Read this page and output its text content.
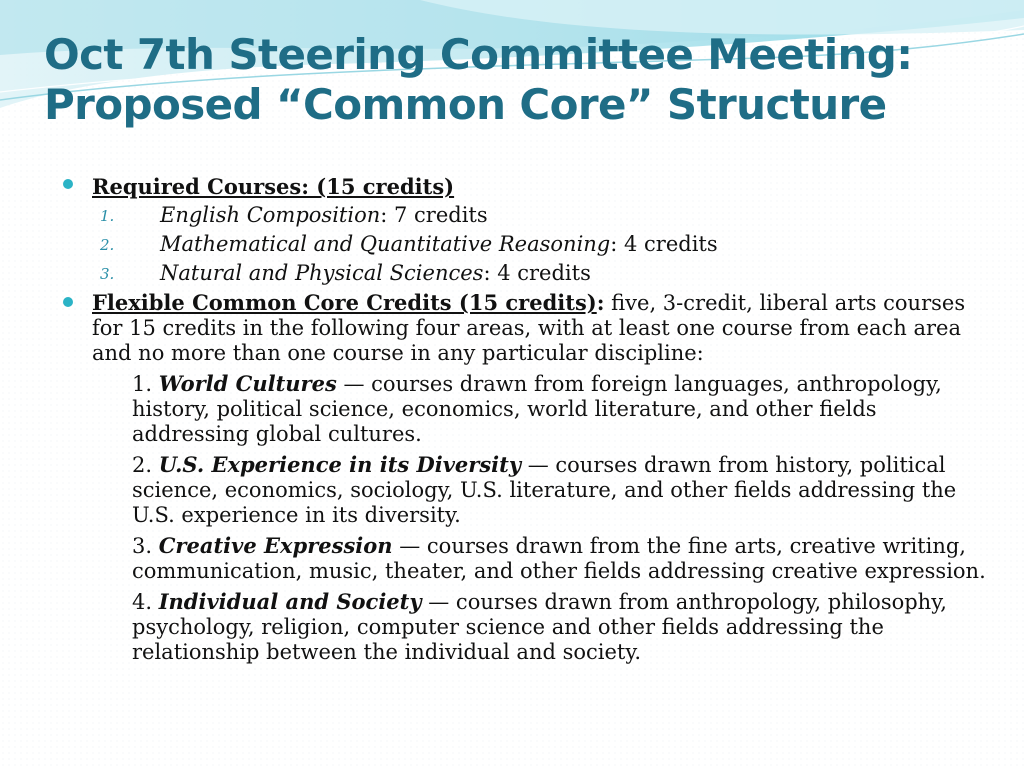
Oct 7th Steering Committee Meeting:
Proposed “Common Core” Structure
Required Courses: (15 credits)
1. English Composition: 7 credits
2. Mathematical and Quantitative Reasoning: 4 credits
3. Natural and Physical Sciences: 4 credits
Flexible Common Core Credits (15 credits): five, 3-credit, liberal arts courses for 15 credits in the following four areas, with at least one course from each area and no more than one course in any particular discipline:
1. World Cultures — courses drawn from foreign languages, anthropology, history, political science, economics, world literature, and other fields addressing global cultures.
2. U.S. Experience in its Diversity — courses drawn from history, political science, economics, sociology, U.S. literature, and other fields addressing the U.S. experience in its diversity.
3. Creative Expression — courses drawn from the fine arts, creative writing, communication, music, theater, and other fields addressing creative expression.
4. Individual and Society — courses drawn from anthropology, philosophy, psychology, religion, computer science and other fields addressing the relationship between the individual and society.
